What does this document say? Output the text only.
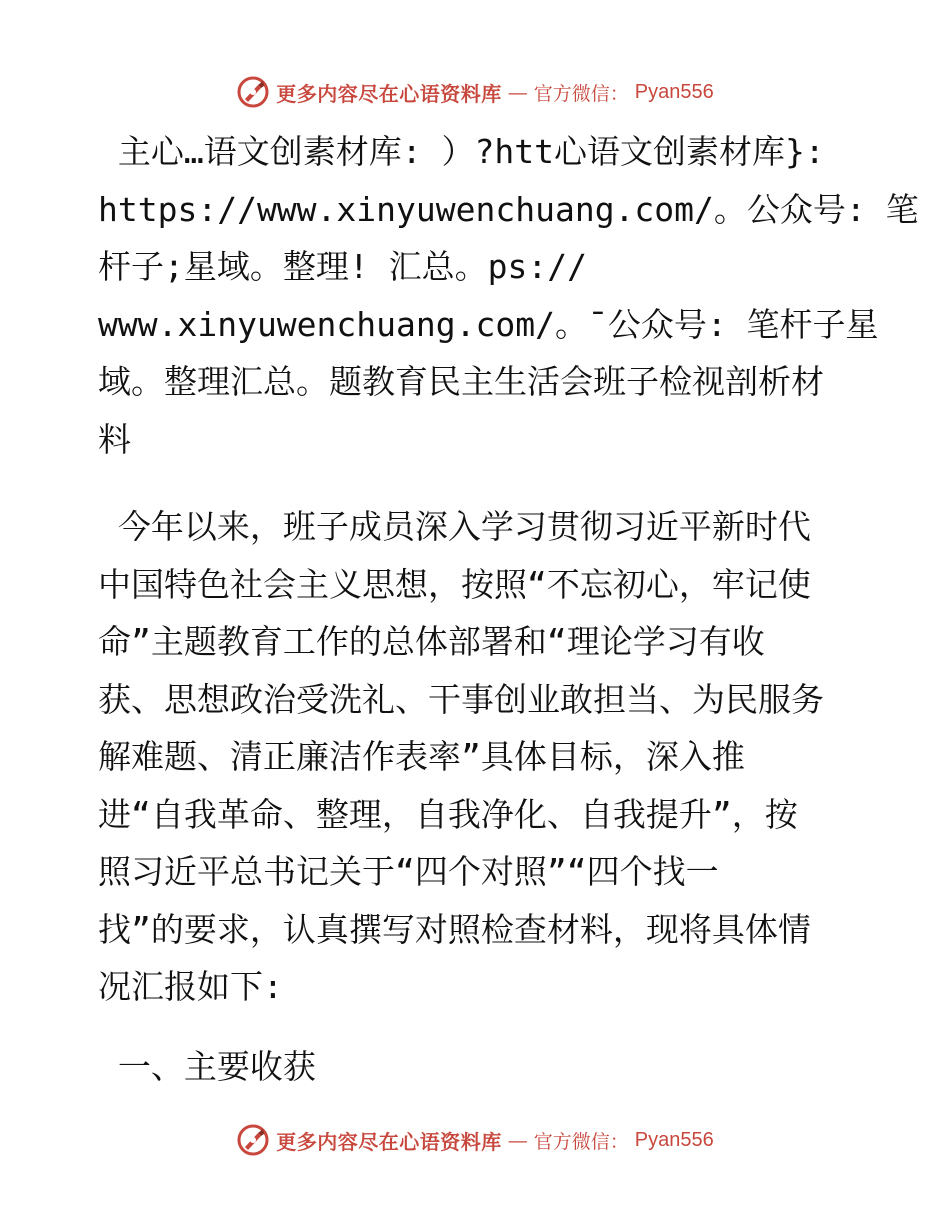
更多内容尽在心语资料库 — 官方微信： Pyan556
主心…语文创素材库: ）?htt心语文创素材库}:
https://www.xinyuwenchuang.com/。公众号: 笔
杆子;星域。整理! 汇总。ps://
www.xinyuwenchuang.com/。¯公众号: 笔杆子星
域。整理汇总。题教育民主生活会班子检视剖析材
料
今年以来，班子成员深入学习贯彻习近平新时代
中国特色社会主义思想，按照“不忘初心，牢记使
命”主题教育工作的总体部署和“理论学习有收
获、思想政治受洗礼、干事创业敢担当、为民服务
解难题、清正廉洁作表率”具体目标，深入推
进“自我革命、整理，自我净化、自我提升”，按
照习近平总书记关于“四个对照”“四个找一
找”的要求，认真撰写对照检查材料，现将具体情
况汇报如下:
一、主要收获
更多内容尽在心语资料库 — 官方微信： Pyan556
